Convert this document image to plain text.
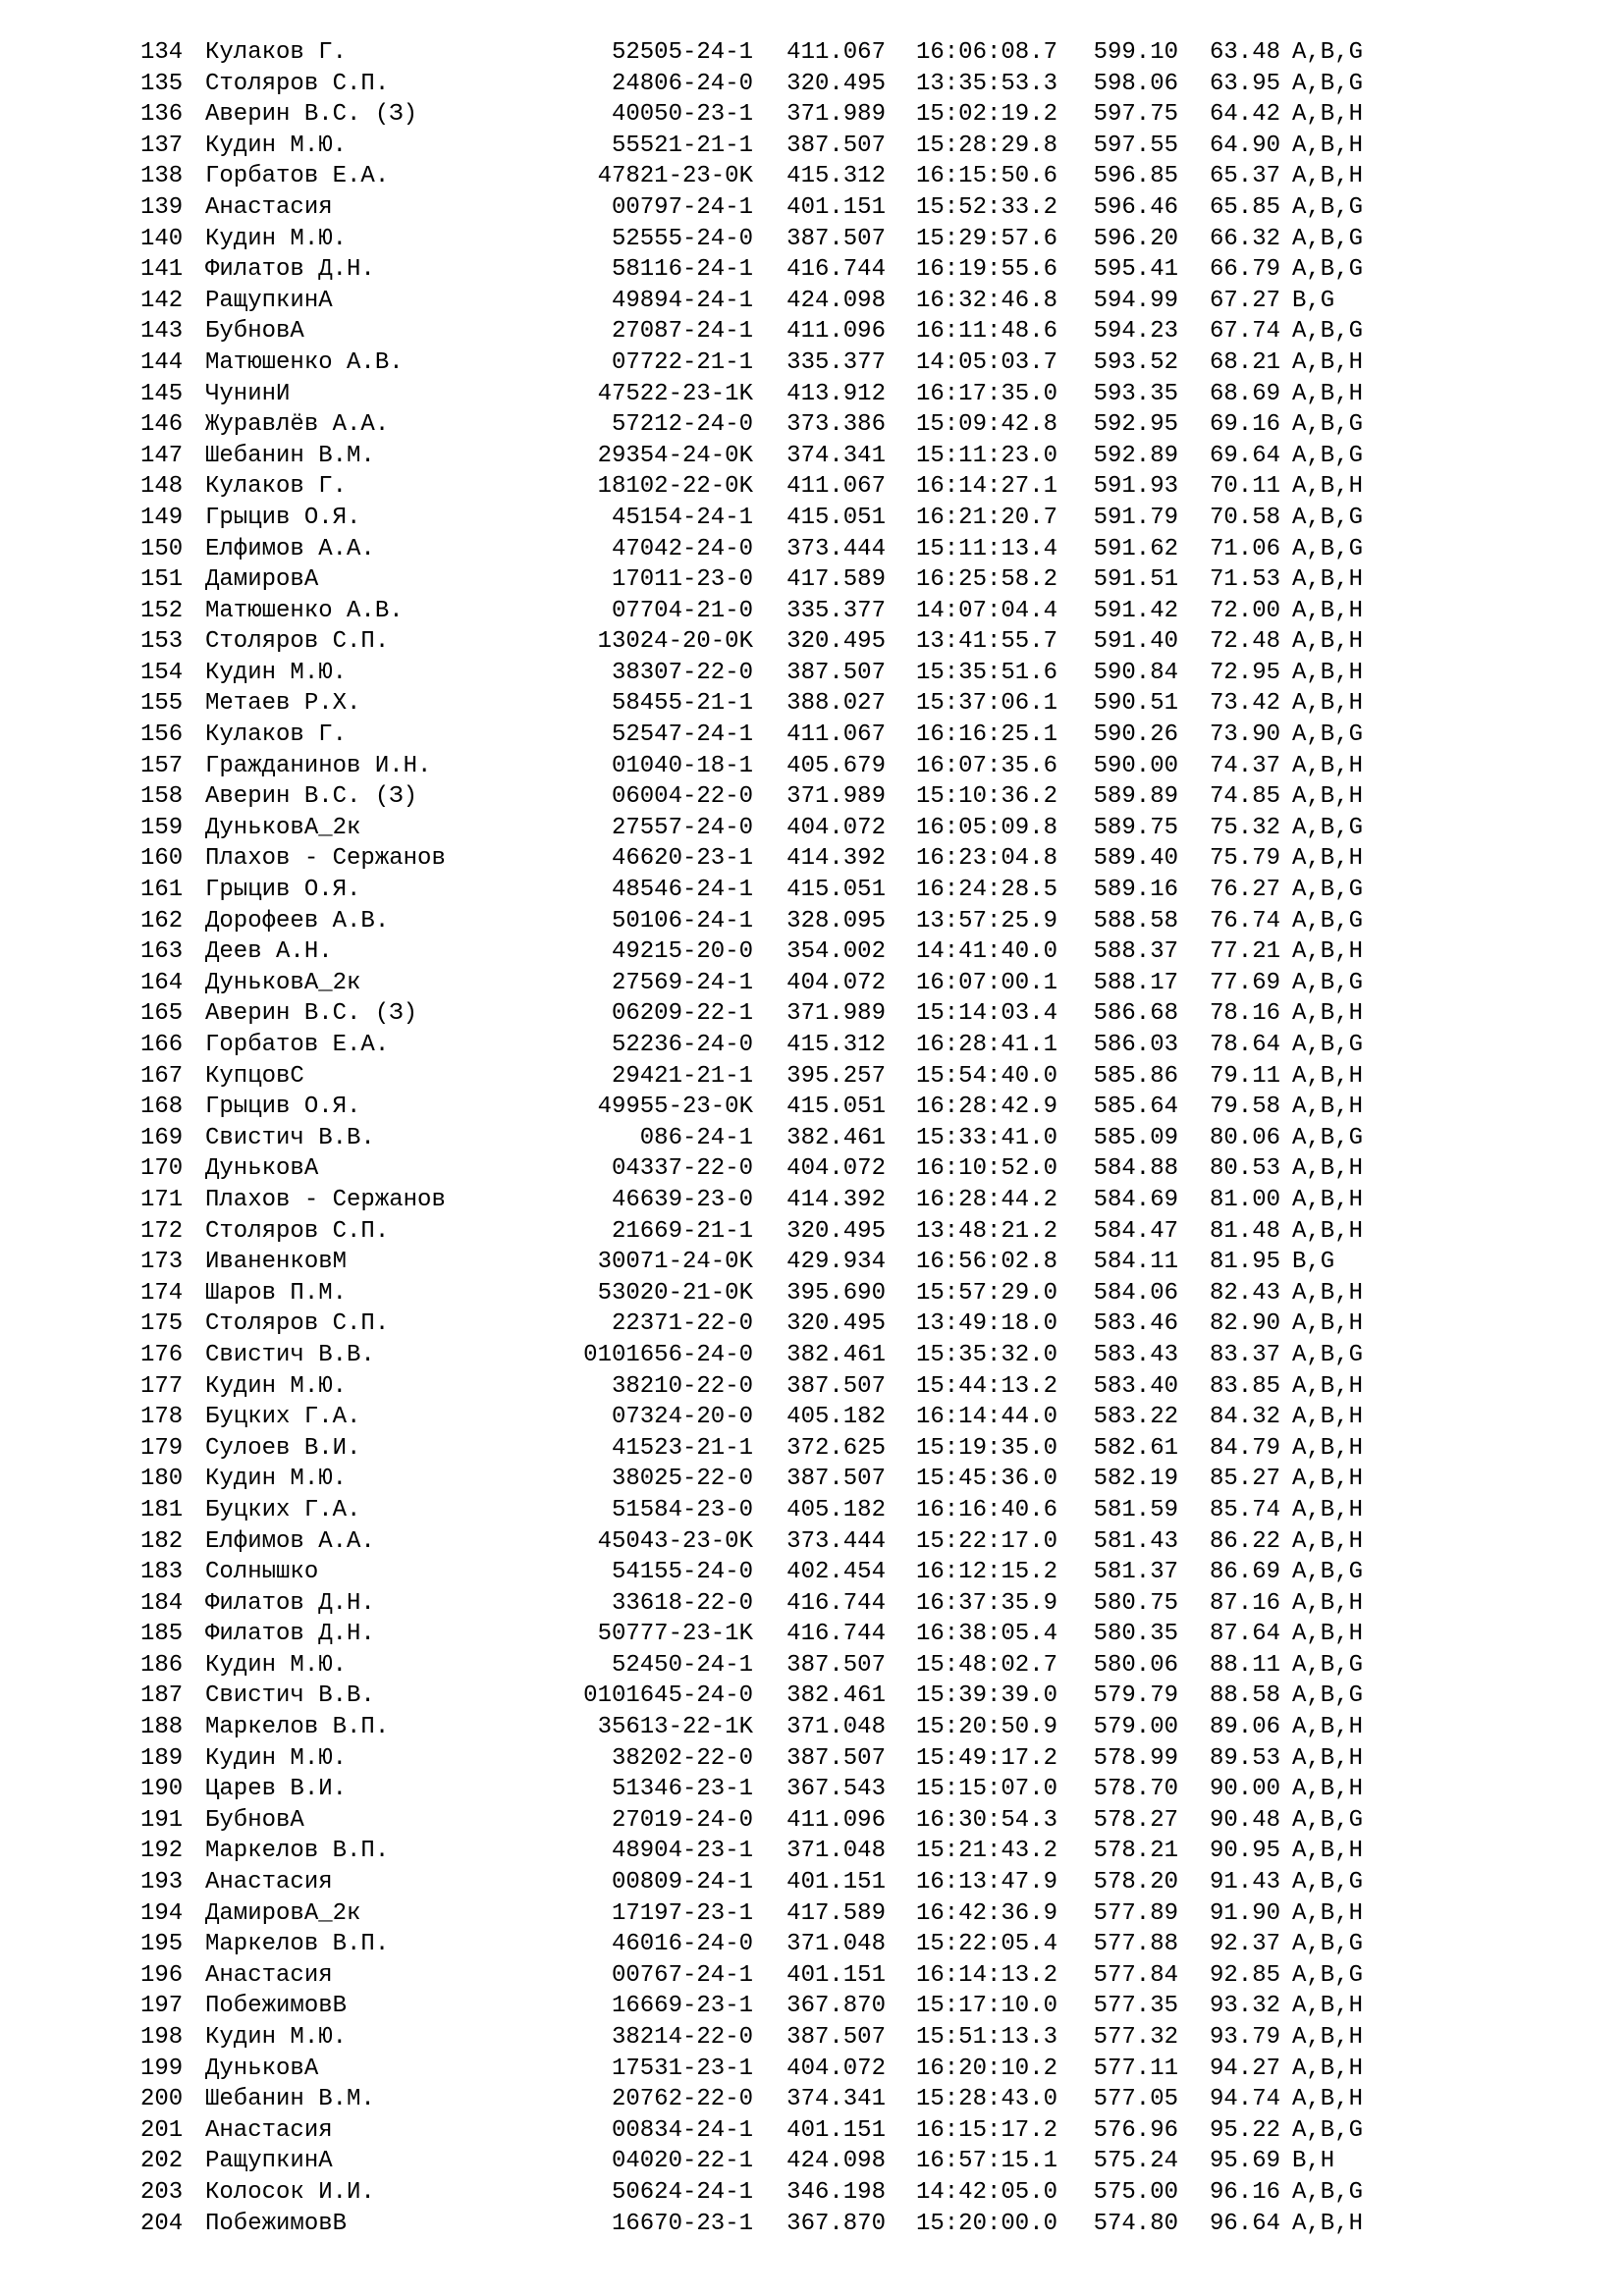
134 Кулаков Г.	52505-24-1	411.067	16:06:08.7	599.10	63.48 A,B,G
135 Столяров С.П.	24806-24-0	320.495	13:35:53.3	598.06	63.95 A,B,G
136 Аверин В.С. (З)	40050-23-1	371.989	15:02:19.2	597.75	64.42 A,B,H
137 Кудин М.Ю.	55521-21-1	387.507	15:28:29.8	597.55	64.90 A,B,H
138 Горбатов Е.А.	47821-23-0K	415.312	16:15:50.6	596.85	65.37 A,B,H
139 Анастасия	00797-24-1	401.151	15:52:33.2	596.46	65.85 A,B,G
140 Кудин М.Ю.	52555-24-0	387.507	15:29:57.6	596.20	66.32 A,B,G
141 Филатов Д.Н.	58116-24-1	416.744	16:19:55.6	595.41	66.79 A,B,G
142 РащупкинА	49894-24-1	424.098	16:32:46.8	594.99	67.27 B,G
143 БубновА	27087-24-1	411.096	16:11:48.6	594.23	67.74 A,B,G
144 Матюшенко А.В.	07722-21-1	335.377	14:05:03.7	593.52	68.21 A,B,H
145 ЧунинИ	47522-23-1K	413.912	16:17:35.0	593.35	68.69 A,B,H
146 Журавлёв А.А.	57212-24-0	373.386	15:09:42.8	592.95	69.16 A,B,G
147 Шебанин В.М.	29354-24-0K	374.341	15:11:23.0	592.89	69.64 A,B,G
148 Кулаков Г.	18102-22-0K	411.067	16:14:27.1	591.93	70.11 A,B,H
149 Грыцив О.Я.	45154-24-1	415.051	16:21:20.7	591.79	70.58 A,B,G
150 Елфимов А.А.	47042-24-0	373.444	15:11:13.4	591.62	71.06 A,B,G
151 ДамировА	17011-23-0	417.589	16:25:58.2	591.51	71.53 A,B,H
152 Матюшенко А.В.	07704-21-0	335.377	14:07:04.4	591.42	72.00 A,B,H
153 Столяров С.П.	13024-20-0K	320.495	13:41:55.7	591.40	72.48 A,B,H
154 Кудин М.Ю.	38307-22-0	387.507	15:35:51.6	590.84	72.95 A,B,H
155 Метаев Р.Х.	58455-21-1	388.027	15:37:06.1	590.51	73.42 A,B,H
156 Кулаков Г.	52547-24-1	411.067	16:16:25.1	590.26	73.90 A,B,G
157 Гражданинов И.Н.	01040-18-1	405.679	16:07:35.6	590.00	74.37 A,B,H
158 Аверин В.С. (З)	06004-22-0	371.989	15:10:36.2	589.89	74.85 A,B,H
159 ДуньковА_2к	27557-24-0	404.072	16:05:09.8	589.75	75.32 A,B,G
160 Плахов - Сержанов	46620-23-1	414.392	16:23:04.8	589.40	75.79 A,B,H
161 Грыцив О.Я.	48546-24-1	415.051	16:24:28.5	589.16	76.27 A,B,G
162 Дорофеев А.В.	50106-24-1	328.095	13:57:25.9	588.58	76.74 A,B,G
163 Деев А.Н.	49215-20-0	354.002	14:41:40.0	588.37	77.21 A,B,H
164 ДуньковА_2к	27569-24-1	404.072	16:07:00.1	588.17	77.69 A,B,G
165 Аверин В.С. (З)	06209-22-1	371.989	15:14:03.4	586.68	78.16 A,B,H
166 Горбатов Е.А.	52236-24-0	415.312	16:28:41.1	586.03	78.64 A,B,G
167 КупцовС	29421-21-1	395.257	15:54:40.0	585.86	79.11 A,B,H
168 Грыцив О.Я.	49955-23-0K	415.051	16:28:42.9	585.64	79.58 A,B,H
169 Свистич В.В.	086-24-1	382.461	15:33:41.0	585.09	80.06 A,B,G
170 ДуньковА	04337-22-0	404.072	16:10:52.0	584.88	80.53 A,B,H
171 Плахов - Сержанов	46639-23-0	414.392	16:28:44.2	584.69	81.00 A,B,H
172 Столяров С.П.	21669-21-1	320.495	13:48:21.2	584.47	81.48 A,B,H
173 ИваненковМ	30071-24-0K	429.934	16:56:02.8	584.11	81.95 B,G
174 Шаров П.М.	53020-21-0K	395.690	15:57:29.0	584.06	82.43 A,B,H
175 Столяров С.П.	22371-22-0	320.495	13:49:18.0	583.46	82.90 A,B,H
176 Свистич В.В.	0101656-24-0	382.461	15:35:32.0	583.43	83.37 A,B,G
177 Кудин М.Ю.	38210-22-0	387.507	15:44:13.2	583.40	83.85 A,B,H
178 Буцких Г.А.	07324-20-0	405.182	16:14:44.0	583.22	84.32 A,B,H
179 Сулоев В.И.	41523-21-1	372.625	15:19:35.0	582.61	84.79 A,B,H
180 Кудин М.Ю.	38025-22-0	387.507	15:45:36.0	582.19	85.27 A,B,H
181 Буцких Г.А.	51584-23-0	405.182	16:16:40.6	581.59	85.74 A,B,H
182 Елфимов А.А.	45043-23-0K	373.444	15:22:17.0	581.43	86.22 A,B,H
183 Солнышко	54155-24-0	402.454	16:12:15.2	581.37	86.69 A,B,G
184 Филатов Д.Н.	33618-22-0	416.744	16:37:35.9	580.75	87.16 A,B,H
185 Филатов Д.Н.	50777-23-1K	416.744	16:38:05.4	580.35	87.64 A,B,H
186 Кудин М.Ю.	52450-24-1	387.507	15:48:02.7	580.06	88.11 A,B,G
187 Свистич В.В.	0101645-24-0	382.461	15:39:39.0	579.79	88.58 A,B,G
188 Маркелов В.П.	35613-22-1K	371.048	15:20:50.9	579.00	89.06 A,B,H
189 Кудин М.Ю.	38202-22-0	387.507	15:49:17.2	578.99	89.53 A,B,H
190 Царев В.И.	51346-23-1	367.543	15:15:07.0	578.70	90.00 A,B,H
191 БубновА	27019-24-0	411.096	16:30:54.3	578.27	90.48 A,B,G
192 Маркелов В.П.	48904-23-1	371.048	15:21:43.2	578.21	90.95 A,B,H
193 Анастасия	00809-24-1	401.151	16:13:47.9	578.20	91.43 A,B,G
194 ДамировА_2к	17197-23-1	417.589	16:42:36.9	577.89	91.90 A,B,H
195 Маркелов В.П.	46016-24-0	371.048	15:22:05.4	577.88	92.37 A,B,G
196 Анастасия	00767-24-1	401.151	16:14:13.2	577.84	92.85 A,B,G
197 ПобежимовВ	16669-23-1	367.870	15:17:10.0	577.35	93.32 A,B,H
198 Кудин М.Ю.	38214-22-0	387.507	15:51:13.3	577.32	93.79 A,B,H
199 ДуньковА	17531-23-1	404.072	16:20:10.2	577.11	94.27 A,B,H
200 Шебанин В.М.	20762-22-0	374.341	15:28:43.0	577.05	94.74 A,B,H
201 Анастасия	00834-24-1	401.151	16:15:17.2	576.96	95.22 A,B,G
202 РащупкинА	04020-22-1	424.098	16:57:15.1	575.24	95.69 B,H
203 Колосок И.И.	50624-24-1	346.198	14:42:05.0	575.00	96.16 A,B,G
204 ПобежимовВ	16670-23-1	367.870	15:20:00.0	574.80	96.64 A,B,H
